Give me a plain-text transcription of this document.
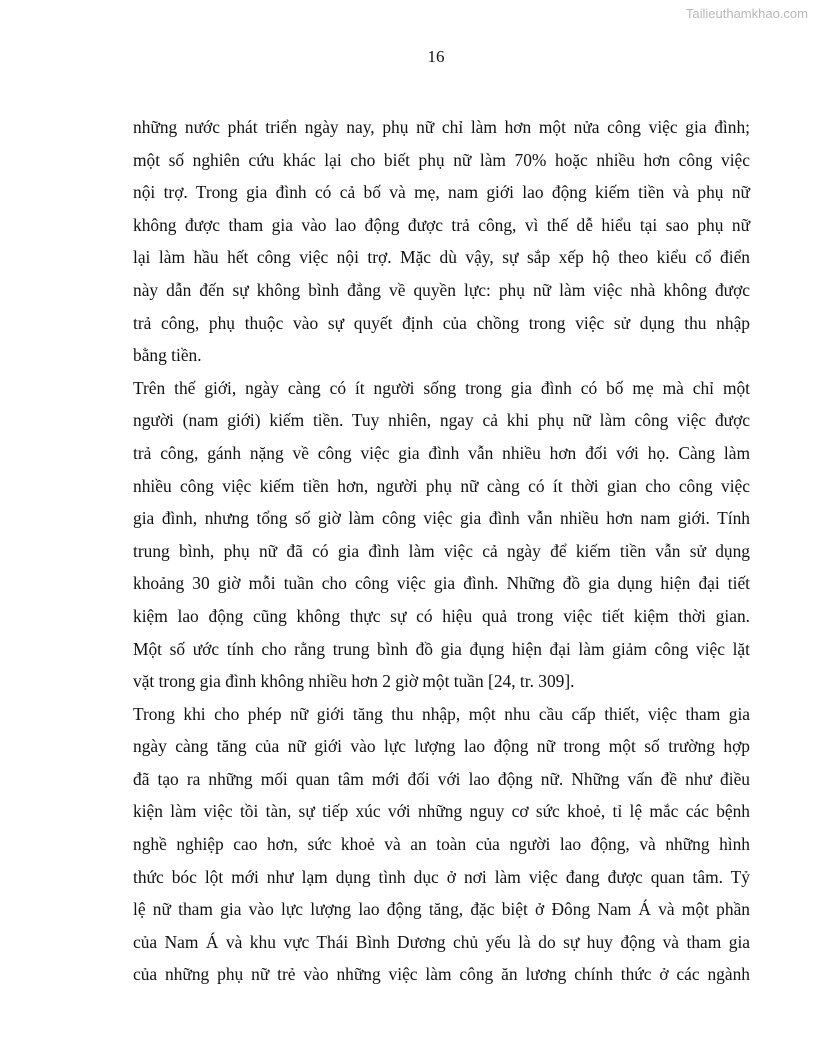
Tailieuthamkhao.com
16
những nước phát triển ngày nay, phụ nữ chỉ làm hơn một nửa công việc gia đình;
một số nghiên cứu khác lại cho biết phụ nữ làm 70% hoặc nhiều hơn công việc
nội trợ. Trong gia đình có cả bố và mẹ, nam giới lao động kiếm tiền và phụ nữ
không được tham gia vào lao động được trả công, vì thế dễ hiểu tại sao phụ nữ
lại làm hầu hết công việc nội trợ. Mặc dù vậy, sự sắp xếp hộ theo kiểu cổ điển
này dẫn đến sự không bình đẳng về quyền lực: phụ nữ làm việc nhà không được
trả công, phụ thuộc vào sự quyết định của chồng trong việc sử dụng thu nhập
bằng tiền.
Trên thế giới, ngày càng có ít người sống trong gia đình có bố mẹ mà chỉ một
người (nam giới) kiếm tiền. Tuy nhiên, ngay cả khi phụ nữ làm công việc được
trả công, gánh nặng về công việc gia đình vẫn nhiều hơn đối với họ. Càng làm
nhiều công việc kiếm tiền hơn, người phụ nữ càng có ít thời gian cho công việc
gia đình, nhưng tổng số giờ làm công việc gia đình vẫn nhiều hơn nam giới. Tính
trung bình, phụ nữ đã có gia đình làm việc cả ngày để kiếm tiền vẫn sử dụng
khoảng 30 giờ mỗi tuần cho công việc gia đình. Những đồ gia dụng hiện đại tiết
kiệm lao động cũng không thực sự có hiệu quả trong việc tiết kiệm thời gian.
Một số ước tính cho rằng trung bình đồ gia đụng hiện đại làm giảm công việc lặt
vặt trong gia đình không nhiều hơn 2 giờ một tuần [24, tr. 309].
Trong khi cho phép nữ giới tăng thu nhập, một nhu cầu cấp thiết, việc tham gia
ngày càng tăng của nữ giới vào lực lượng lao động nữ trong một số trường hợp
đã tạo ra những mối quan tâm mới đối với lao động nữ. Những vấn đề như điều
kiện làm việc tồi tàn, sự tiếp xúc với những nguy cơ sức khoẻ, tỉ lệ mắc các bệnh
nghề nghiệp cao hơn, sức khoẻ và an toàn của người lao động, và những hình
thức bóc lột mới như lạm dụng tình dục ở nơi làm việc đang được quan tâm. Tỷ
lệ nữ tham gia vào lực lượng lao động tăng, đặc biệt ở Đông Nam Á và một phần
của Nam Á và khu vực Thái Bình Dương chủ yếu là do sự huy động và tham gia
của những phụ nữ trẻ vào những việc làm công ăn lương chính thức ở các ngành
